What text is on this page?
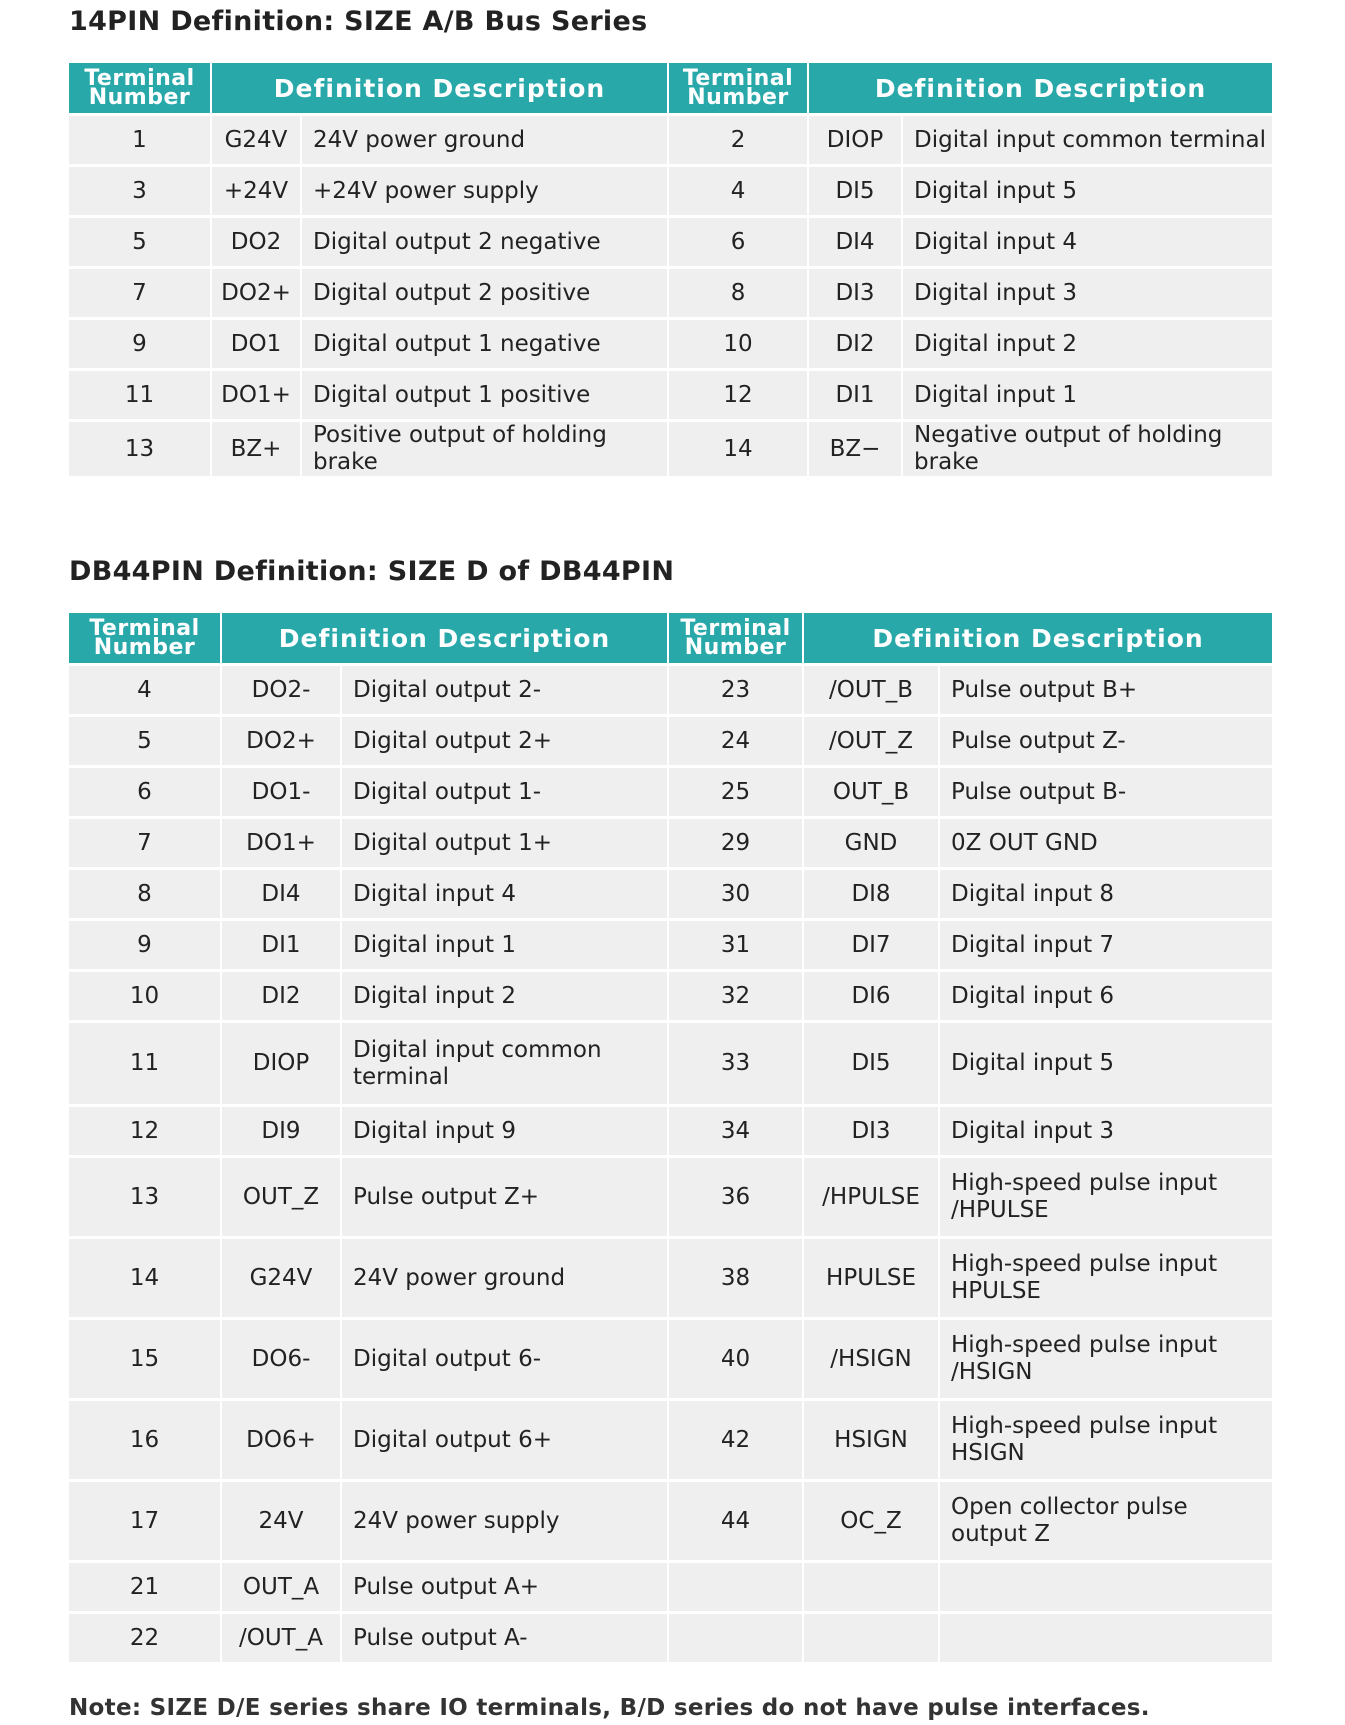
14PIN Definition: SIZE A/B Bus Series
Terminal Number	Definition Description		Terminal Number	Definition Description	
1	G24V	24V power ground	2	DIOP	Digital input common terminal
3	+24V	+24V power supply	4	DI5	Digital input 5
5	DO2	Digital output 2 negative	6	DI4	Digital input 4
7	DO2+	Digital output 2 positive	8	DI3	Digital input 3
9	DO1	Digital output 1 negative	10	DI2	Digital input 2
11	DO1+	Digital output 1 positive	12	DI1	Digital input 1
13	BZ+	Positive output of holding brake	14	BZ−	Negative output of holding brake
DB44PIN Definition: SIZE D of DB44PIN
Terminal Number	Definition Description		Terminal Number	Definition Description	
4	DO2-	Digital output 2-	23	/OUT_B	Pulse output B+
5	DO2+	Digital output 2+	24	/OUT_Z	Pulse output Z-
6	DO1-	Digital output 1-	25	OUT_B	Pulse output B-
7	DO1+	Digital output 1+	29	GND	0Z OUT GND
8	DI4	Digital input 4	30	DI8	Digital input 8
9	DI1	Digital input 1	31	DI7	Digital input 7
10	DI2	Digital input 2	32	DI6	Digital input 6
11	DIOP	Digital input common terminal	33	DI5	Digital input 5
12	DI9	Digital input 9	34	DI3	Digital input 3
13	OUT_Z	Pulse output Z+	36	/HPULSE	High-speed pulse input /HPULSE
14	G24V	24V power ground	38	HPULSE	High-speed pulse input HPULSE
15	DO6-	Digital output 6-	40	/HSIGN	High-speed pulse input /HSIGN
16	DO6+	Digital output 6+	42	HSIGN	High-speed pulse input HSIGN
17	24V	24V power supply	44	OC_Z	Open collector pulse output Z
21	OUT_A	Pulse output A+			
22	/OUT_A	Pulse output A-			

Note: SIZE D/E series share IO terminals, B/D series do not have pulse interfaces.
